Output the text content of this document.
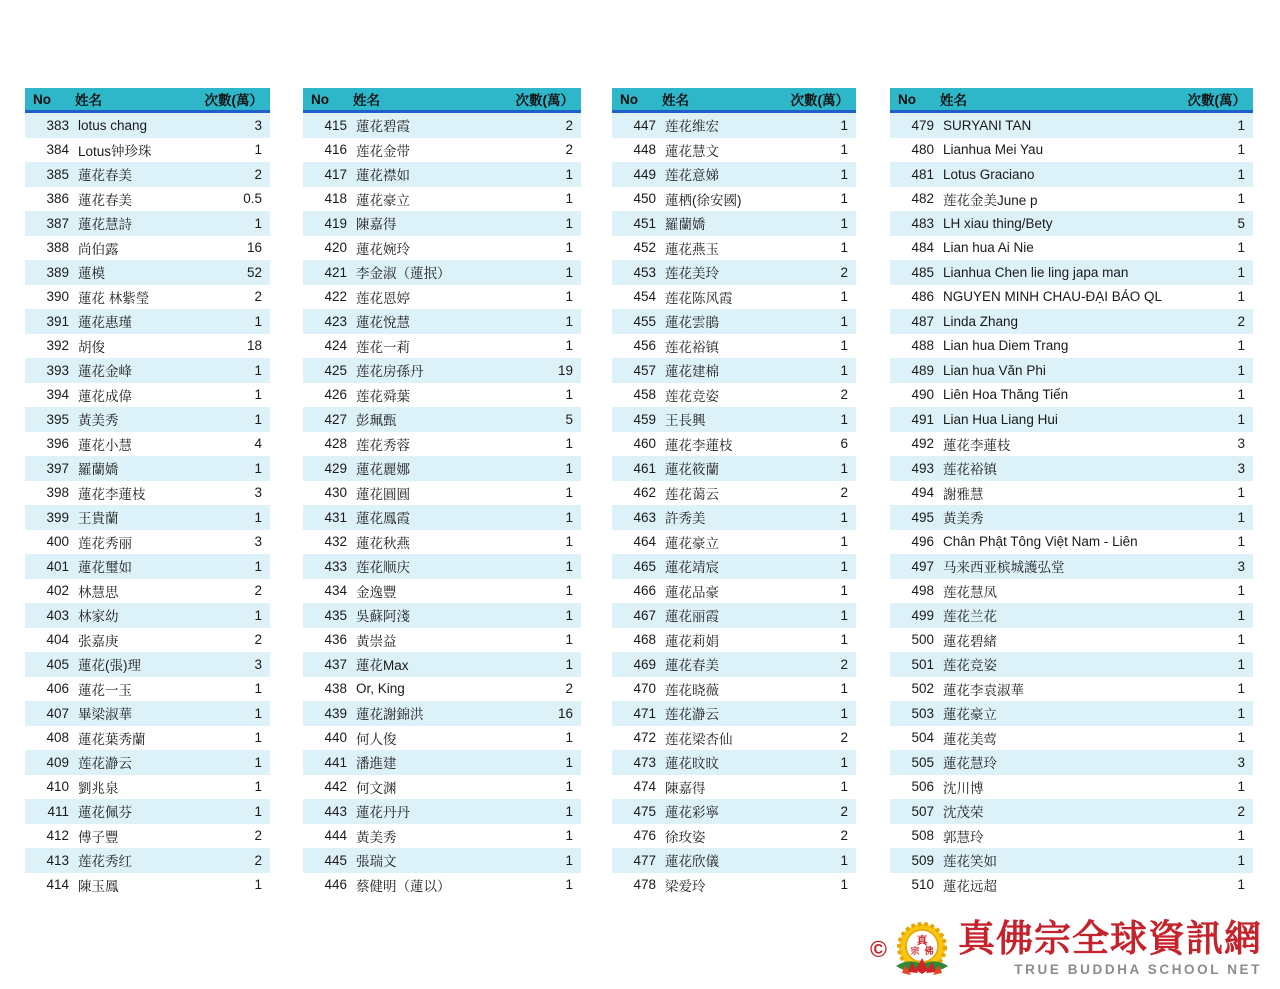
No	姓名	次數(萬）
383 lotus chang	3
384 Lotus钟珍珠	1
385 蓮花春美	2
386 蓮花春美	0.5
387 蓮花慧詩	1
388 尚伯露	16
389 蓮模	52
390 蓮花 林紫瑩	2
391 蓮花惠瑾	1
392 胡俊	18
393 蓮花金峰	1
394 蓮花成偉	1
395 黃美秀	1
396 蓮花小慧	4
397 羅蘭嬌	1
398 蓮花李蓮枝	3
399 王貴蘭	1
400 莲花秀丽	3
401 蓮花璽如	1
402 林慧思	2
403 林家幼	1
404 张嘉庚	2
405 蓮花(張)理	3
406 蓮花一玉	1
407 畢梁淑華	1
408 蓮花葉秀蘭	1
409 莲花瀞云	1
410 劉兆泉	1
411 蓮花佩芬	1
412 傅子豐	2
413 莲花秀红	2
414 陳玉鳳	1
No	姓名	次數(萬）
415 蓮花碧霞	2
416 莲花金带	2
417 蓮花襟如	1
418 蓮花豪立	1
419 陳嘉得	1
420 蓮花婉玲	1
421 李金淑（蓮抿）	1
422 莲花恩婷	1
423 蓮花悅慧	1
424 莲花一莉	1
425 莲花房孫丹	19
426 莲花舜葉	1
427 彭珮甄	5
428 莲花秀蓉	1
429 蓮花麗娜	1
430 蓮花圓圓	1
431 蓮花鳳霞	1
432 蓮花秋燕	1
433 莲花顺庆	1
434 金逸豐	1
435 吳蘇阿淺	1
436 黃崇益	1
437 蓮花Max	1
438 Or, King	2
439 蓮花謝錦洪	16
440 何人俊	1
441 潘進建	1
442 何文渊	1
443 蓮花丹丹	1
444 黃美秀	1
445 張瑞文	1
446 蔡健明（蓮以）	1
No	姓名	次數(萬）
447 莲花维宏	1
448 蓮花慧文	1
449 莲花意娣	1
450 蓮栖(徐安國)	1
451 羅蘭嬌	1
452 蓮花燕玉	1
453 莲花美玲	2
454 莲花陈风霞	1
455 蓮花雲鵑	1
456 莲花裕镇	1
457 蓮花建棉	1
458 莲花竞姿	2
459 王長興	1
460 蓮花李蓮枝	6
461 蓮花筱蘭	1
462 莲花蔼云	2
463 許秀美	1
464 蓮花豪立	1
465 蓮花靖宸	1
466 蓮花品豪	1
467 蓮花丽霞	1
468 蓮花莉娟	1
469 蓮花春美	2
470 莲花晓薇	1
471 莲花瀞云	1
472 莲花梁杏仙	2
473 蓮花旼旼	1
474 陳嘉得	1
475 蓮花彩寧	2
476 徐玫姿	2
477 蓮花欣儀	1
478 梁爱玲	1
No	姓名	次數(萬）
479 SURYANI TAN	1
480 Lianhua Mei Yau	1
481 Lotus Graciano	1
482 莲花金美June p	1
483 LH xiau thing/Bety	5
484 Lian hua Ai Nie	1
485 Lianhua Chen lie ling japa man	1
486 NGUYEN MINH CHAU-ĐẠI BẢO QL	1
487 Linda Zhang	2
488 Lian hua Diem Trang	1
489 Lian hua Văn Phi	1
490 Liên Hoa Thăng Tiến	1
491 Lian Hua Liang Hui	1
492 蓮花李蓮枝	3
493 莲花裕镇	3
494 謝雅慧	1
495 黃美秀	1
496 Chân Phật Tông Việt Nam - Liên	1
497 马来西亚槟城護弘堂	3
498 莲花慧凤	1
499 莲花兰花	1
500 蓮花碧緒	1
501 莲花竞姿	1
502 蓮花李袁淑華	1
503 蓮花豪立	1
504 蓮花美莺	1
505 蓮花慧玲	3
506 沈川博	1
507 沈茂荣	2
508 郭慧玲	1
509 莲花笑如	1
510 蓮花远超	1
©	真
宗 佛 真佛宗全球資訊網
TRUE BUDDHA SCHOOL NET
